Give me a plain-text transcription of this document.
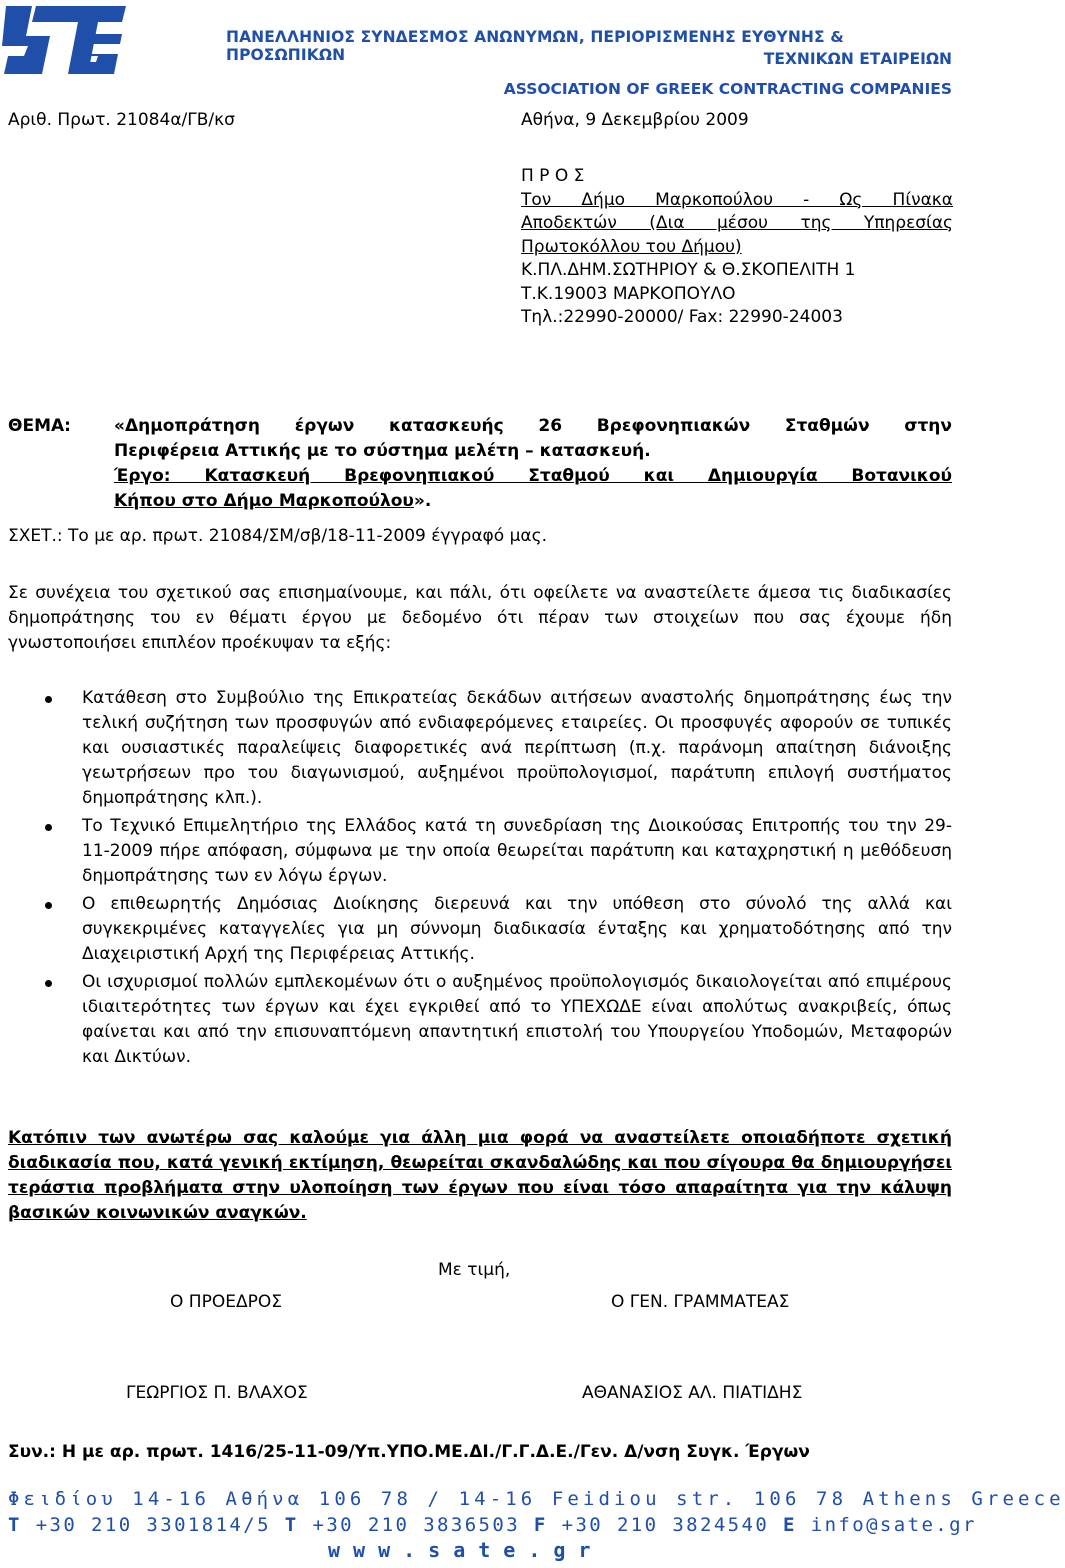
ΠΑΝΕΛΛΗΝΙΟΣ ΣΥΝΔΕΣΜΟΣ ΑΝΩΝΥΜΩΝ, ΠΕΡΙΟΡΙΣΜΕΝΗΣ ΕΥΘΥΝΗΣ & ΠΡΟΣΩΠΙΚΩΝ	ΤΕΧΝΙΚΩΝ ΕΤΑΙΡΕΙΩΝ
ASSOCIATION OF GREEK CONTRACTING COMPANIES
Αριθ. Πρωτ. 21084α/ΓΒ/κσ	Αθήνα, 9 Δεκεμβρίου 2009
Π Ρ Ο Σ
Τον Δήμο Μαρκοπούλου - Ως Πίνακα
Αποδεκτών (Δια μέσου της Υπηρεσίας
Πρωτοκόλλου του Δήμου)
Κ.ΠΛ.ΔΗΜ.ΣΩΤΗΡΙΟΥ & Θ.ΣΚΟΠΕΛΙΤΗ 1
Τ.Κ.19003 ΜΑΡΚΟΠΟΥΛΟ
Τηλ.:22990-20000/ Fax: 22990-24003
ΘΕΜΑ:	«Δημοπράτηση έργων κατασκευής 26 Βρεφονηπιακών Σταθμών στην
Περιφέρεια Αττικής με το σύστημα μελέτη – κατασκευή.
Έργο: Κατασκευή Βρεφονηπιακού Σταθμού και Δημιουργία Βοτανικού
Κήπου στο Δήμο Μαρκοπούλου».
ΣΧΕΤ.: Το με αρ. πρωτ. 21084/ΣΜ/σβ/18-11-2009 έγγραφό μας.
Σε συνέχεια του σχετικού σας επισημαίνουμε, και πάλι, ότι οφείλετε να αναστείλετε άμεσα τις διαδικασίες δημοπράτησης του εν θέματι έργου με δεδομένο ότι πέραν των στοιχείων που σας έχουμε ήδη γνωστοποιήσει επιπλέον προέκυψαν τα εξής:
Κατάθεση στο Συμβούλιο της Επικρατείας δεκάδων αιτήσεων αναστολής δημοπράτησης έως την τελική συζήτηση των προσφυγών από ενδιαφερόμενες εταιρείες. Οι προσφυγές αφορούν σε τυπικές και ουσιαστικές παραλείψεις διαφορετικές ανά περίπτωση (π.χ. παράνομη απαίτηση διάνοιξης γεωτρήσεων προ του διαγωνισμού, αυξημένοι προϋπολογισμοί, παράτυπη επιλογή συστήματος δημοπράτησης κλπ.).
Το Τεχνικό Επιμελητήριο της Ελλάδος κατά τη συνεδρίαση της Διοικούσας Επιτροπής του την 29-11-2009 πήρε απόφαση, σύμφωνα με την οποία θεωρείται παράτυπη και καταχρηστική η μεθόδευση δημοπράτησης των εν λόγω έργων.
Ο επιθεωρητής Δημόσιας Διοίκησης διερευνά και την υπόθεση στο σύνολό της αλλά και συγκεκριμένες καταγγελίες για μη σύννομη διαδικασία ένταξης και χρηματοδότησης από την Διαχειριστική Αρχή της Περιφέρειας Αττικής.
Οι ισχυρισμοί πολλών εμπλεκομένων ότι ο αυξημένος προϋπολογισμός δικαιολογείται από επιμέρους ιδιαιτερότητες των έργων και έχει εγκριθεί από το ΥΠΕΧΩΔΕ είναι απολύτως ανακριβείς, όπως φαίνεται και από την επισυναπτόμενη απαντητική επιστολή του Υπουργείου Υποδομών, Μεταφορών και Δικτύων.
Κατόπιν των ανωτέρω σας καλούμε για άλλη μια φορά να αναστείλετε οποιαδήποτε σχετική διαδικασία που, κατά γενική εκτίμηση, θεωρείται σκανδαλώδης και που σίγουρα θα δημιουργήσει τεράστια προβλήματα στην υλοποίηση των έργων που είναι τόσο απαραίτητα για την κάλυψη βασικών κοινωνικών αναγκών.
Με τιμή,
Ο ΠΡΟΕΔΡΟΣ	Ο ΓΕΝ. ΓΡΑΜΜΑΤΕΑΣ
ΓΕΩΡΓΙΟΣ Π. ΒΛΑΧΟΣ	ΑΘΑΝΑΣΙΟΣ ΑΛ. ΠΙΑΤΙΔΗΣ
Συν.: Η με αρ. πρωτ. 1416/25-11-09/Υπ.ΥΠΟ.ΜΕ.ΔΙ./Γ.Γ.Δ.Ε./Γεν. Δ/νση Συγκ. Έργων
Φειδίου 14-16 Αθήνα 106 78 / 14-16 Feidiou str. 106 78 Athens Greece
T +30 210 3301814/5 T +30 210 3836503 F +30 210 3824540 E info@sate.gr
www.sate.gr
